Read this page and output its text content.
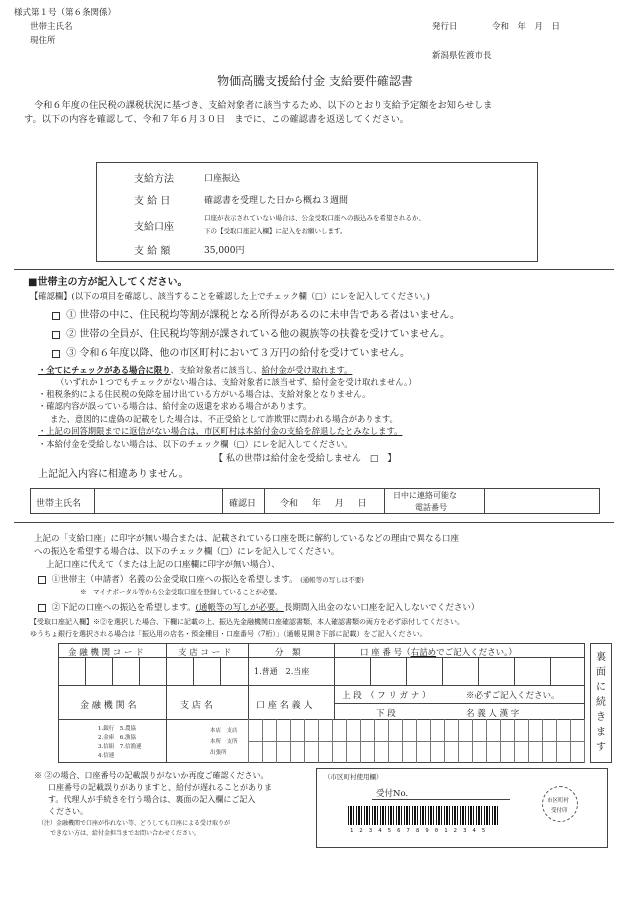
様式第１号（第６条関係）
世帯主氏名
現住所
発行日	令和　年　月　日
新潟県佐渡市長
物価高騰支援給付金 支給要件確認書
令和６年度の住民税の課税状況に基づき、支給対象者に該当するため、以下のとおり支給予定額をお知らせしま
す。以下の内容を確認して、令和７年６月３０日　までに、この確認書を返送してください。
支給方法	口座振込
支 給 日	確認書を受理した日から概ね３週間
支給口座
口座が表示されていない場合は、公金受取口座への振込みを希望されるか、
下の【受取口座記入欄】に記入をお願いします。
支 給 額	35,000円
■世帯主の方が記入してください。
【確認欄】(以下の項目を確認し、該当することを確認した上でチェック欄（□）にレを記入してください。)
① 世帯の中に、住民税均等割が課税となる所得があるのに未申告である者はいません。
② 世帯の全員が、住民税均等割が課されている他の親族等の扶養を受けていません。
③ 令和６年度以降、他の市区町村において３万円の給付を受けていません。
・全てにチェックがある場合に限り、支給対象者に該当し、給付金が受け取れます。
（いずれか１つでもチェックがない場合は、支給対象者に該当せず、給付金を受け取れません。）
・租税条約による住民税の免除を届け出ている方がいる場合は、支給対象となりません。
・確認内容が誤っている場合は、給付金の返還を求める場合があります。
また、意図的に虚偽の記載をした場合は、不正受給として詐欺罪に問われる場合があります。
・上記の回答期限までに返信がない場合は、市区町村は本給付金の支給を辞退したとみなします。
・本給付金を受給しない場合は、以下のチェック欄（□）にレを記入してください。
【 私の世帯は給付金を受給しません　□　】
上記記入内容に相違ありません。
世帯主氏名	確認日	令和　 年　 月　 日
日中に連絡可能な
電話番号
上記の「支給口座」に印字が無い場合または、記載されている口座を既に解約しているなどの理由で異なる口座
への振込を希望する場合は、以下のチェック欄（□）にレを記入してください。
上記口座に代えて（または上記の口座欄に印字が無い場合）、
①世帯主（申請者）名義の公金受取口座への振込を希望します。 (通帳等の写しは不要)
※　マイナポータル等から公金受取口座を登録していることが必要。
②下記の口座への振込を希望します。(通帳等の写しが必要。長期間入出金のない口座を記入しないでください）
【受取口座記入欄】※②を選択した場合、下欄に記載の上、振込先金融機関口座確認書類、本人確認書類の両方を必ず添付してください。
ゆうちょ銀行を選択される場合は「振込用の店名・預金種目・口座番号（7桁）」（通帳見開き下部に記載）をご記入ください。
金 融 機 関 コ ー ド	支 店 コ ー ド	分　類	口 座 番 号（右詰めでご記入ください。）
1.普通　2.当座
金 融 機 関 名	支 店 名	口 座 名 義 人
上 段　（ フ リ ガ ナ ）	※必ずご記入ください。
下 段	名 義 人 漢 字
1.銀行　5.農協
2.金庫　6.漁協
3.信組　7.信漁連
4.信連
本店　支店
本所　支所
出張所
裏
面
に
続
き
ま
す
※ ②の場合、口座番号の記載誤りがないか再度ご確認ください。
口座番号の記載誤りがありますと、給付が遅れることがありま
す。代理人が手続きを行う場合は、裏面の記入欄にご記入
ください。
（注）金融機関で口座が作れない等、どうしても口座による受け取りが
できない方は、給付金担当までお問い合わせください。
（市区町村使用欄）
受付No.
1 2 3 4 5 6 7 8 9 0 1 2 3 4 5
市区町村
受付印
